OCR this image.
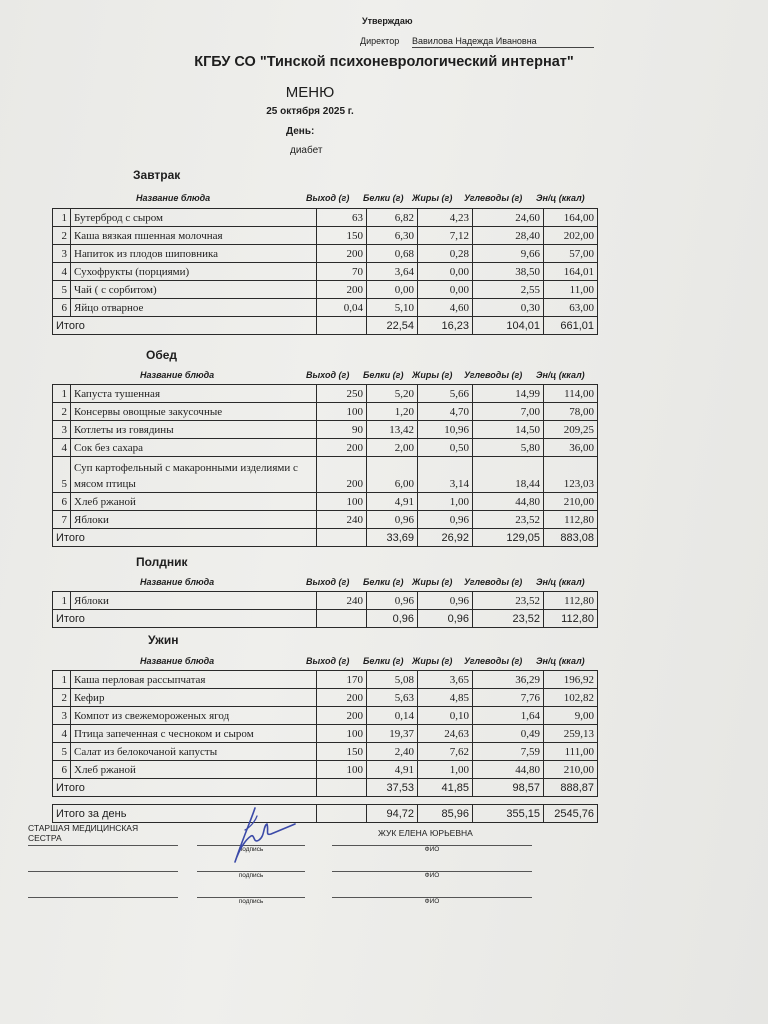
Утверждаю
Директор Вавилова Надежда Ивановна
КГБУ СО "Тинской психоневрологический интернат"
МЕНЮ
25 октября 2025 г.
День:
диабет
Завтрак
Название блюда	Выход (г) Белки (г) Жиры (г) Углеводы (г) Эн/ц (ккал)
1	Бутерброд с сыром	63	6,82	4,23	24,60	164,00
2	Каша вязкая пшенная молочная	150	6,30	7,12	28,40	202,00
3	Напиток из плодов шиповника	200	0,68	0,28	9,66	57,00
4	Сухофрукты (порциями)	70	3,64	0,00	38,50	164,01
5	Чай ( с сорбитом)	200	0,00	0,00	2,55	11,00
6	Яйцо отварное	0,04	5,10	4,60	0,30	63,00
Итого			22,54	16,23	104,01	661,01
Обед
Название блюда	Выход (г) Белки (г) Жиры (г) Углеводы (г) Эн/ц (ккал)
1	Капуста тушенная	250	5,20	5,66	14,99	114,00
2	Консервы овощные закусочные	100	1,20	4,70	7,00	78,00
3	Котлеты из говядины	90	13,42	10,96	14,50	209,25
4	Сок без сахара	200	2,00	0,50	5,80	36,00
5	Суп картофельный с макаронными изделиями с мясом птицы	200	6,00	3,14	18,44	123,03
6	Хлеб ржаной	100	4,91	1,00	44,80	210,00
7	Яблоки	240	0,96	0,96	23,52	112,80
Итого			33,69	26,92	129,05	883,08
Полдник
Название блюда	Выход (г) Белки (г) Жиры (г) Углеводы (г) Эн/ц (ккал)
1	Яблоки	240	0,96	0,96	23,52	112,80
Итого			0,96	0,96	23,52	112,80
Ужин
Название блюда	Выход (г) Белки (г) Жиры (г) Углеводы (г) Эн/ц (ккал)
1	Каша перловая рассыпчатая	170	5,08	3,65	36,29	196,92
2	Кефир	200	5,63	4,85	7,76	102,82
3	Компот из свежемороженых ягод	200	0,14	0,10	1,64	9,00
4	Птица запеченная с чесноком и сыром	100	19,37	24,63	0,49	259,13
5	Салат из белокочаной капусты	150	2,40	7,62	7,59	111,00
6	Хлеб ржаной	100	4,91	1,00	44,80	210,00
Итого			37,53	41,85	98,57	888,87
Итого за день		94,72	85,96	355,15	2545,76
СТАРШАЯ МЕДИЦИНСКАЯ СЕСТРА
подпись
ЖУК ЕЛЕНА ЮРЬЕВНА
ФИО
подпись	ФИО
подпись	ФИО
